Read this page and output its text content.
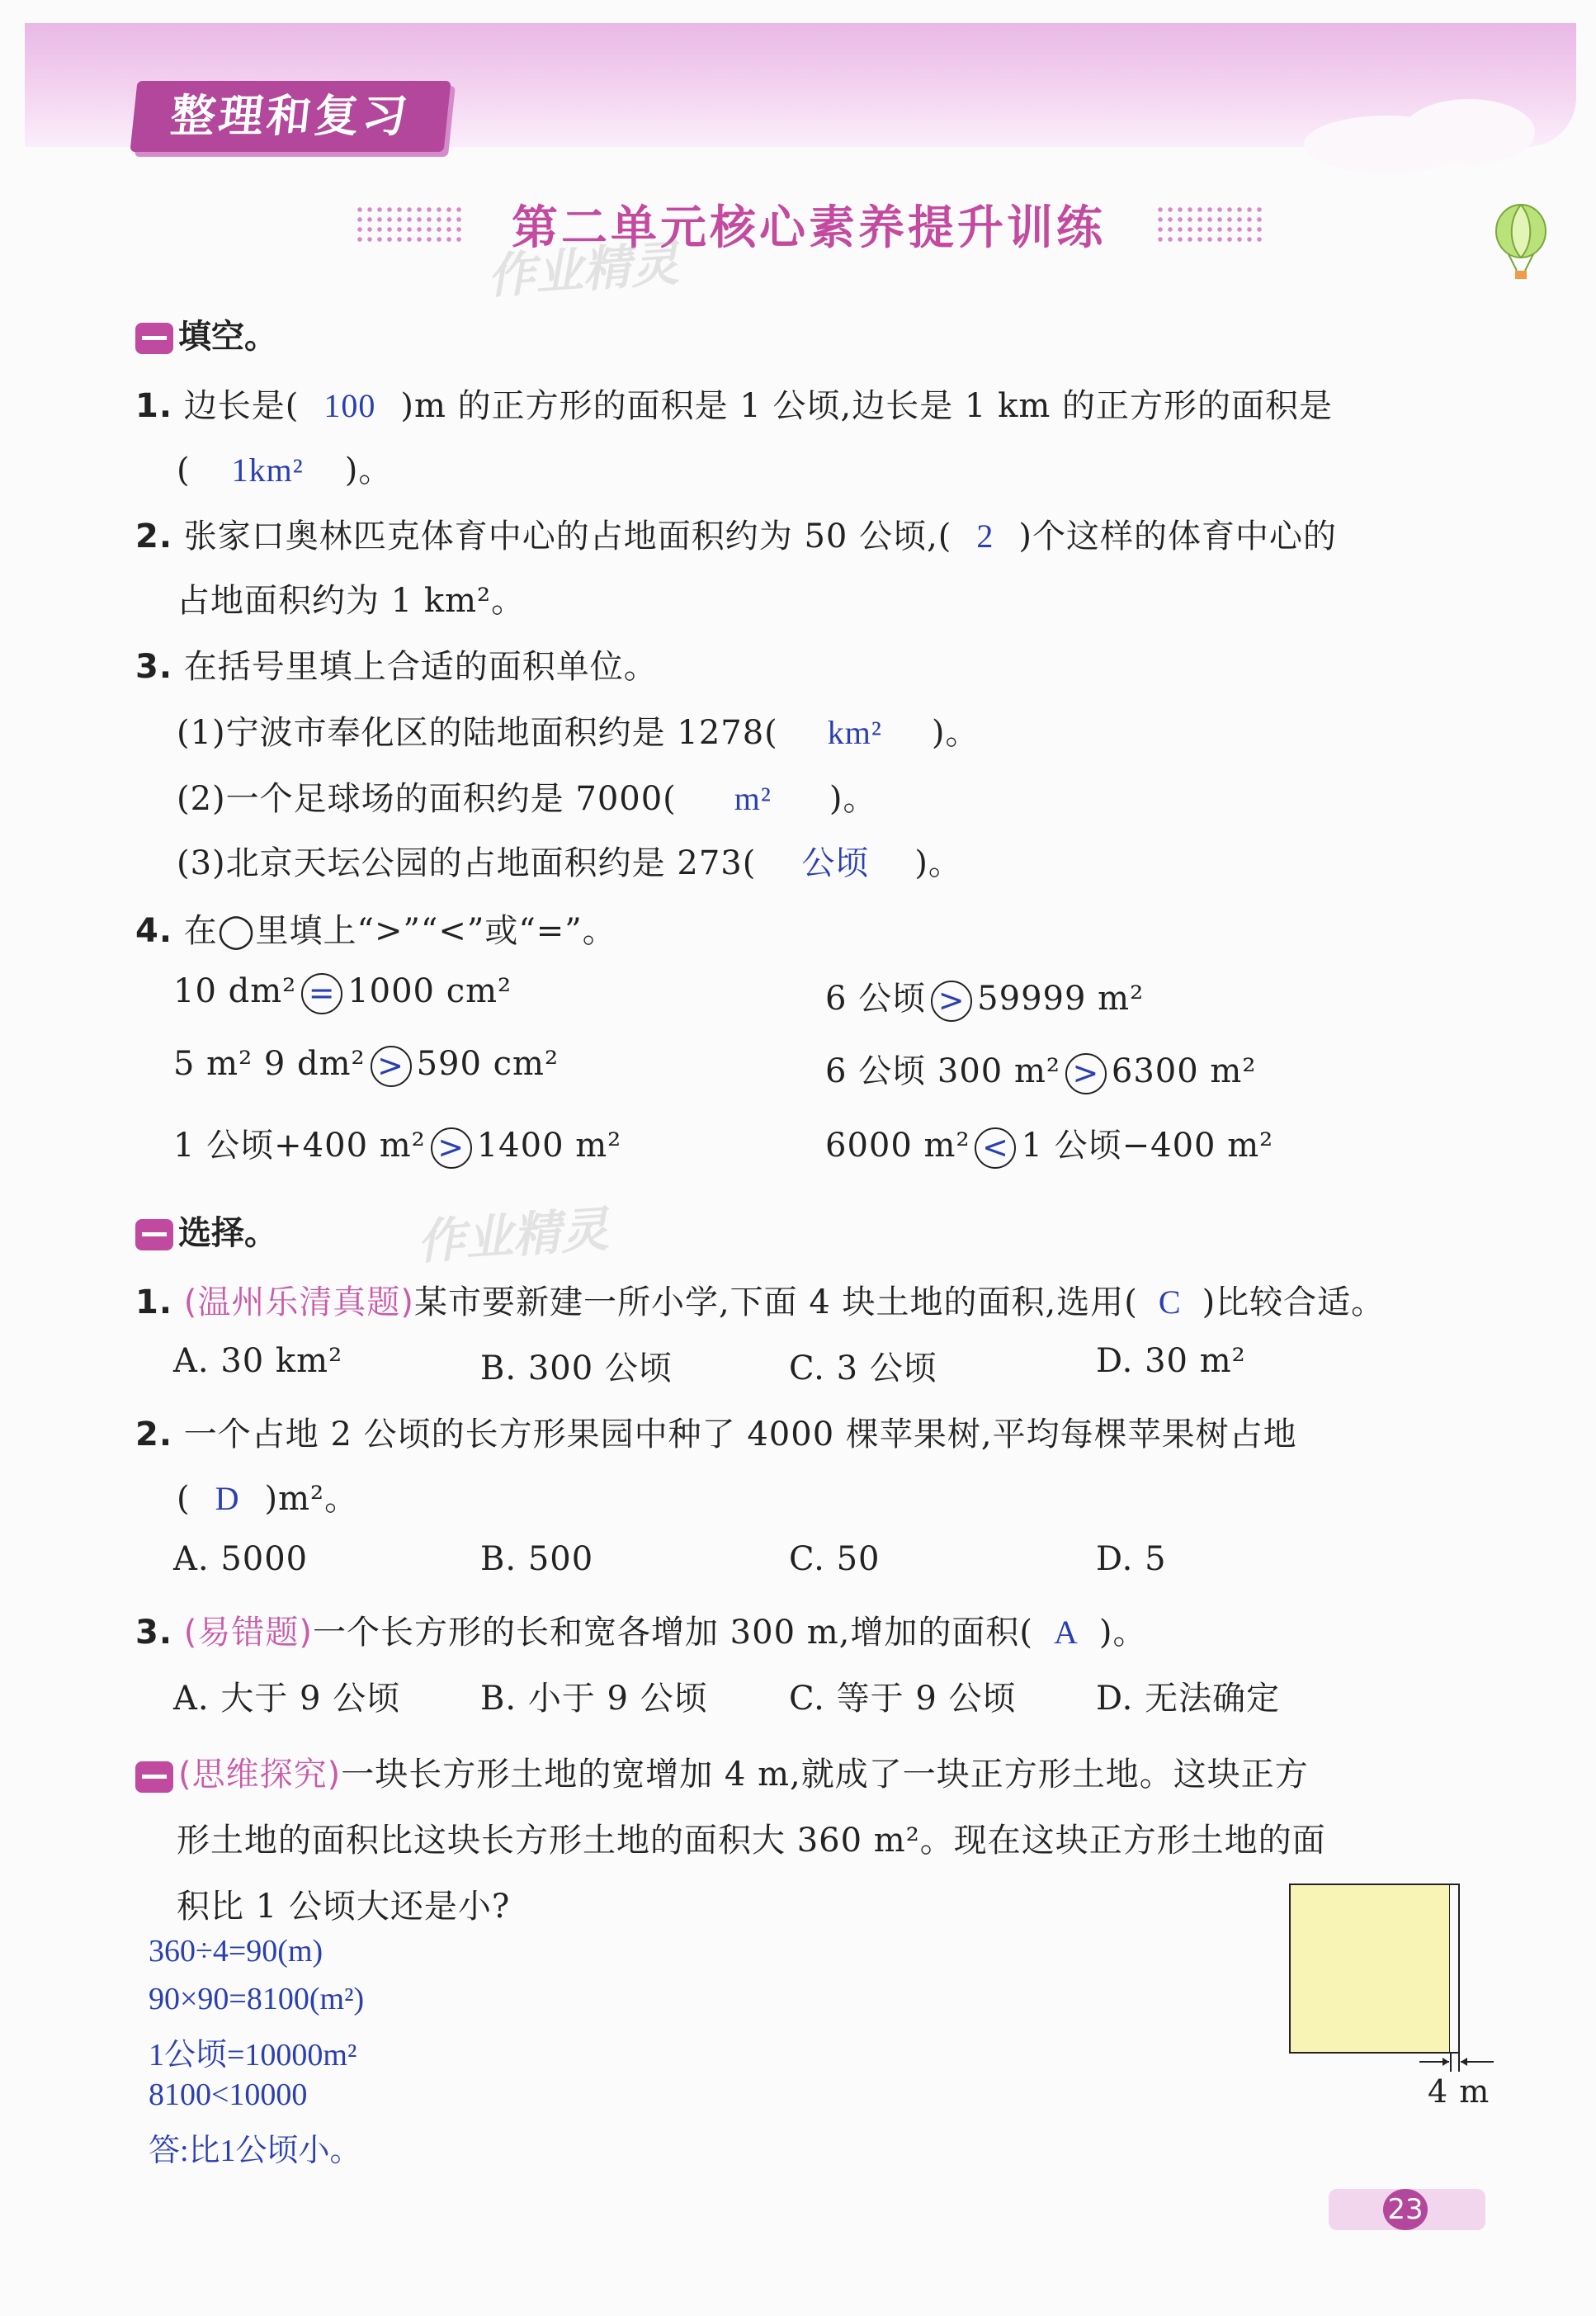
整理和复习
第二单元核心素养提升训练
作业精灵
作业精灵
填空。
1. 边长是( 100 )m 的正方形的面积是 1 公顷,边长是 1 km 的正方形的面积是
( 1km² )。
2. 张家口奥林匹克体育中心的占地面积约为 50 公顷,( 2 )个这样的体育中心的
占地面积约为 1 km²。
3. 在括号里填上合适的面积单位。
(1)宁波市奉化区的陆地面积约是 1278( km² )。
(2)一个足球场的面积约是 7000( m² )。
(3)北京天坛公园的占地面积约是 273( 公顷 )。
4. 在◯里填上“>”“<”或“=”。
10 dm² = 1000 cm²	6 公顷 > 59999 m²
5 m² 9 dm² > 590 cm²	6 公顷 300 m² > 6300 m²
1 公顷+400 m² > 1400 m²	6000 m² < 1 公顷−400 m²
选择。
1. (温州乐清真题)某市要新建一所小学,下面 4 块土地的面积,选用( C )比较合适。
A. 30 km²	B. 300 公顷	C. 3 公顷	D. 30 m²
2. 一个占地 2 公顷的长方形果园中种了 4000 棵苹果树,平均每棵苹果树占地
( D )m²。
A. 5000	B. 500	C. 50	D. 5
3. (易错题)一个长方形的长和宽各增加 300 m,增加的面积( A )。
A. 大于 9 公顷 B. 小于 9 公顷 C. 等于 9 公顷 D. 无法确定
(思维探究)一块长方形土地的宽增加 4 m,就成了一块正方形土地。这块正方
形土地的面积比这块长方形土地的面积大 360 m²。现在这块正方形土地的面
积比 1 公顷大还是小?
360÷4=90(m)
90×90=8100(m²)
1公顷=10000m²
8100<10000
答:比1公顷小。
4 m
23
